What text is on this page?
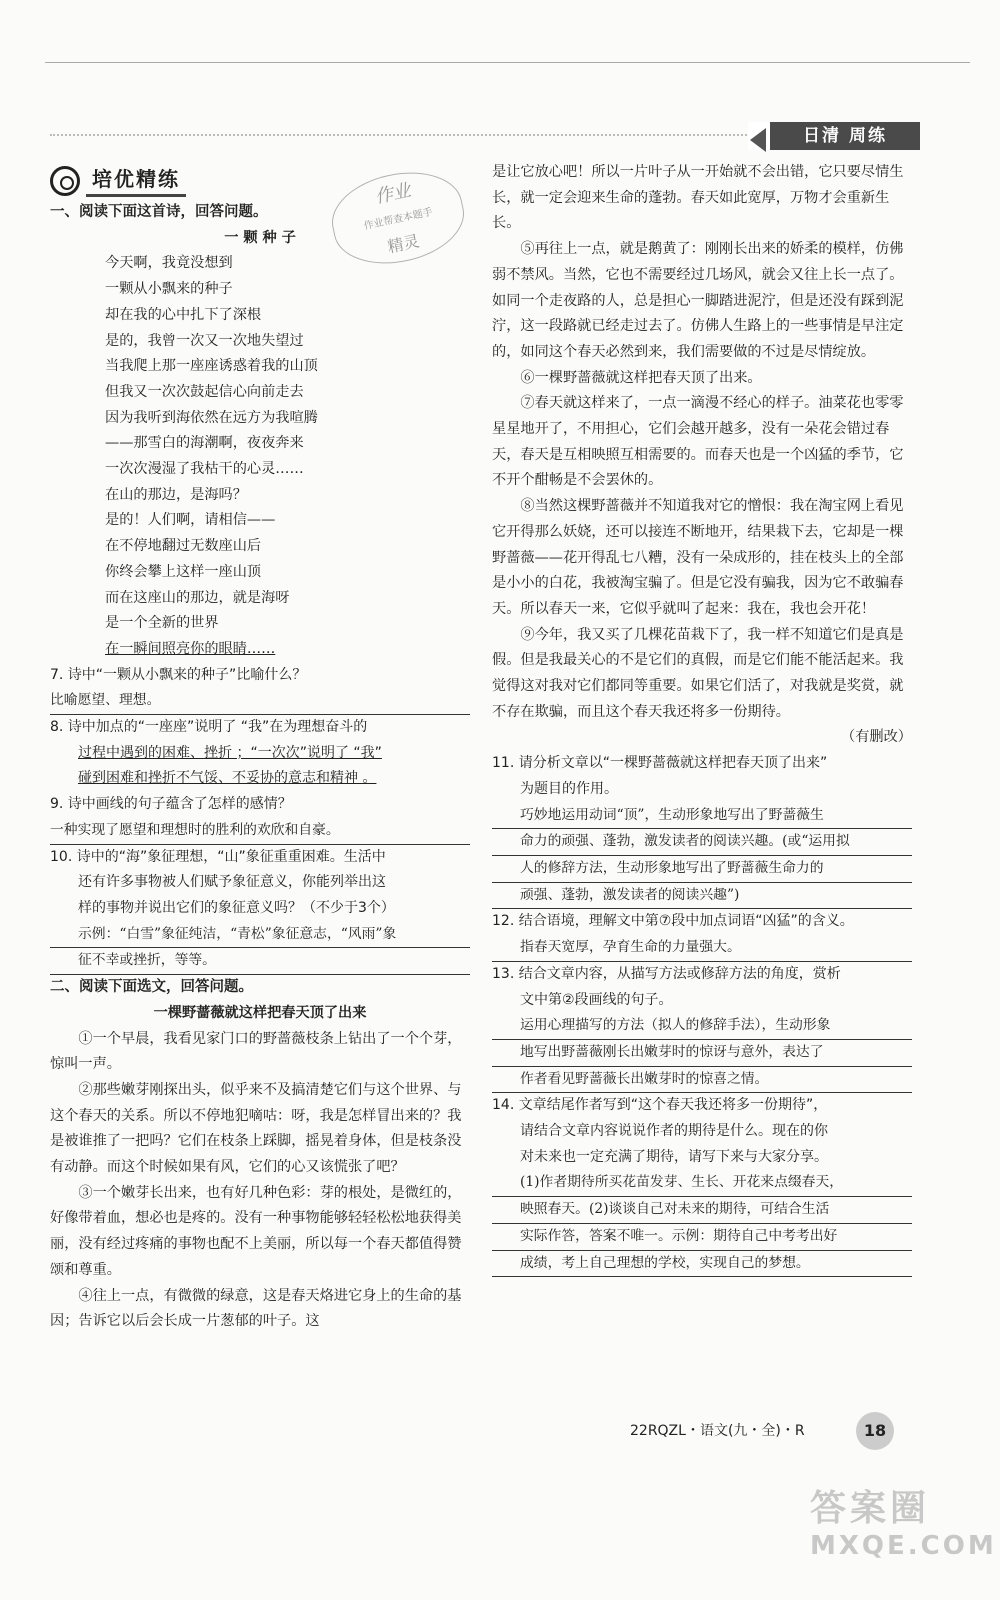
日清 周练
培优精练
作业
作业帮查本题手
精灵
一、阅读下面这首诗，回答问题。
一 颗 种 子
今天啊，我竟没想到
一颗从小飘来的种子
却在我的心中扎下了深根
是的，我曾一次又一次地失望过
当我爬上那一座座诱惑着我的山顶
但我又一次次鼓起信心向前走去
因为我听到海依然在远方为我喧腾
——那雪白的海潮啊，夜夜奔来
一次次漫湿了我枯干的心灵……
在山的那边，是海吗？
是的！人们啊，请相信——
在不停地翻过无数座山后
你终会攀上这样一座山顶
而在这座山的那边，就是海呀
是一个全新的世界
在一瞬间照亮你的眼睛……

7. 诗中“一颗从小飘来的种子”比喻什么？

比喻愿望、理想。

8. 诗中加点的“一座座”说明了 “我”在为理想奋斗的

过程中遇到的困难、挫折 ；“一次次”说明了 “我”

碰到困难和挫折不气馁、不妥协的意志和精神 。

9. 诗中画线的句子蕴含了怎样的感情？

一种实现了愿望和理想时的胜利的欢欣和自豪。

10. 诗中的“海”象征理想，“山”象征重重困难。生活中

还有许多事物被人们赋予象征意义，你能列举出这

样的事物并说出它们的象征意义吗？（不少于3个）

示例：“白雪”象征纯洁，“青松”象征意志，“风雨”象

征不幸或挫折，等等。

二、阅读下面选文，回答问题。
一棵野蔷薇就这样把春天顶了出来

①一个早晨，我看见家门口的野蔷薇枝条上钻出了一个个芽，惊叫一声。

②那些嫩芽刚探出头，似乎来不及搞清楚它们与这个世界、与这个春天的关系。所以不停地犯嘀咕：呀，我是怎样冒出来的？我是被谁推了一把吗？它们在枝条上踩脚，摇晃着身体，但是枝条没有动静。而这个时候如果有风，它们的心又该慌张了吧？

③一个嫩芽长出来，也有好几种色彩：芽的根处，是微红的，好像带着血，想必也是疼的。没有一种事物能够轻轻松松地获得美丽，没有经过疼痛的事物也配不上美丽，所以每一个春天都值得赞颂和尊重。

④往上一点，有微微的绿意，这是春天烙进它身上的生命的基因；告诉它以后会长成一片葱郁的叶子。这

是让它放心吧！所以一片叶子从一开始就不会出错，它只要尽情生长，就一定会迎来生命的蓬勃。春天如此宽厚，万物才会重新生长。

⑤再往上一点，就是鹅黄了：刚刚长出来的娇柔的模样，仿佛弱不禁风。当然，它也不需要经过几场风，就会又往上长一点了。如同一个走夜路的人，总是担心一脚踏进泥泞，但是还没有踩到泥泞，这一段路就已经走过去了。仿佛人生路上的一些事情是早注定的，如同这个春天必然到来，我们需要做的不过是尽情绽放。

⑥一棵野蔷薇就这样把春天顶了出来。

⑦春天就这样来了，一点一滴漫不经心的样子。油菜花也零零星星地开了，不用担心，它们会越开越多，没有一朵花会错过春天，春天是互相映照互相需要的。而春天也是一个凶猛的季节，它不开个酣畅是不会罢休的。

⑧当然这棵野蔷薇并不知道我对它的憎恨：我在淘宝网上看见它开得那么妖娆，还可以接连不断地开，结果栽下去，它却是一棵野蔷薇——花开得乱七八糟，没有一朵成形的，挂在枝头上的全部是小小的白花，我被淘宝骗了。但是它没有骗我，因为它不敢骗春天。所以春天一来，它似乎就叫了起来：我在，我也会开花！

⑨今年，我又买了几棵花苗栽下了，我一样不知道它们是真是假。但是我最关心的不是它们的真假，而是它们能不能活起来。我觉得这对我对它们都同等重要。如果它们活了，对我就是奖赏，就不存在欺骗，而且这个春天我还将多一份期待。

（有删改）

11. 请分析文章以“一棵野蔷薇就这样把春天顶了出来”

为题目的作用。

巧妙地运用动词“顶”，生动形象地写出了野蔷薇生

命力的顽强、蓬勃，激发读者的阅读兴趣。(或“运用拟

人的修辞方法，生动形象地写出了野蔷薇生命力的

顽强、蓬勃，激发读者的阅读兴趣”)

12. 结合语境，理解文中第⑦段中加点词语“凶猛”的含义。

指春天宽厚，孕育生命的力量强大。

13. 结合文章内容，从描写方法或修辞方法的角度，赏析

文中第②段画线的句子。

运用心理描写的方法（拟人的修辞手法），生动形象

地写出野蔷薇刚长出嫩芽时的惊讶与意外，表达了

作者看见野蔷薇长出嫩芽时的惊喜之情。

14. 文章结尾作者写到“这个春天我还将多一份期待”，

请结合文章内容说说作者的期待是什么。现在的你

对未来也一定充满了期待，请写下来与大家分享。

(1)作者期待所买花苗发芽、生长、开花来点缀春天，

映照春天。(2)谈谈自己对未来的期待，可结合生活

实际作答，答案不唯一。示例：期待自己中考考出好

成绩，考上自己理想的学校，实现自己的梦想。

22RQZL・语文(九・全)・R	18
答案圈
MXQE.COM
